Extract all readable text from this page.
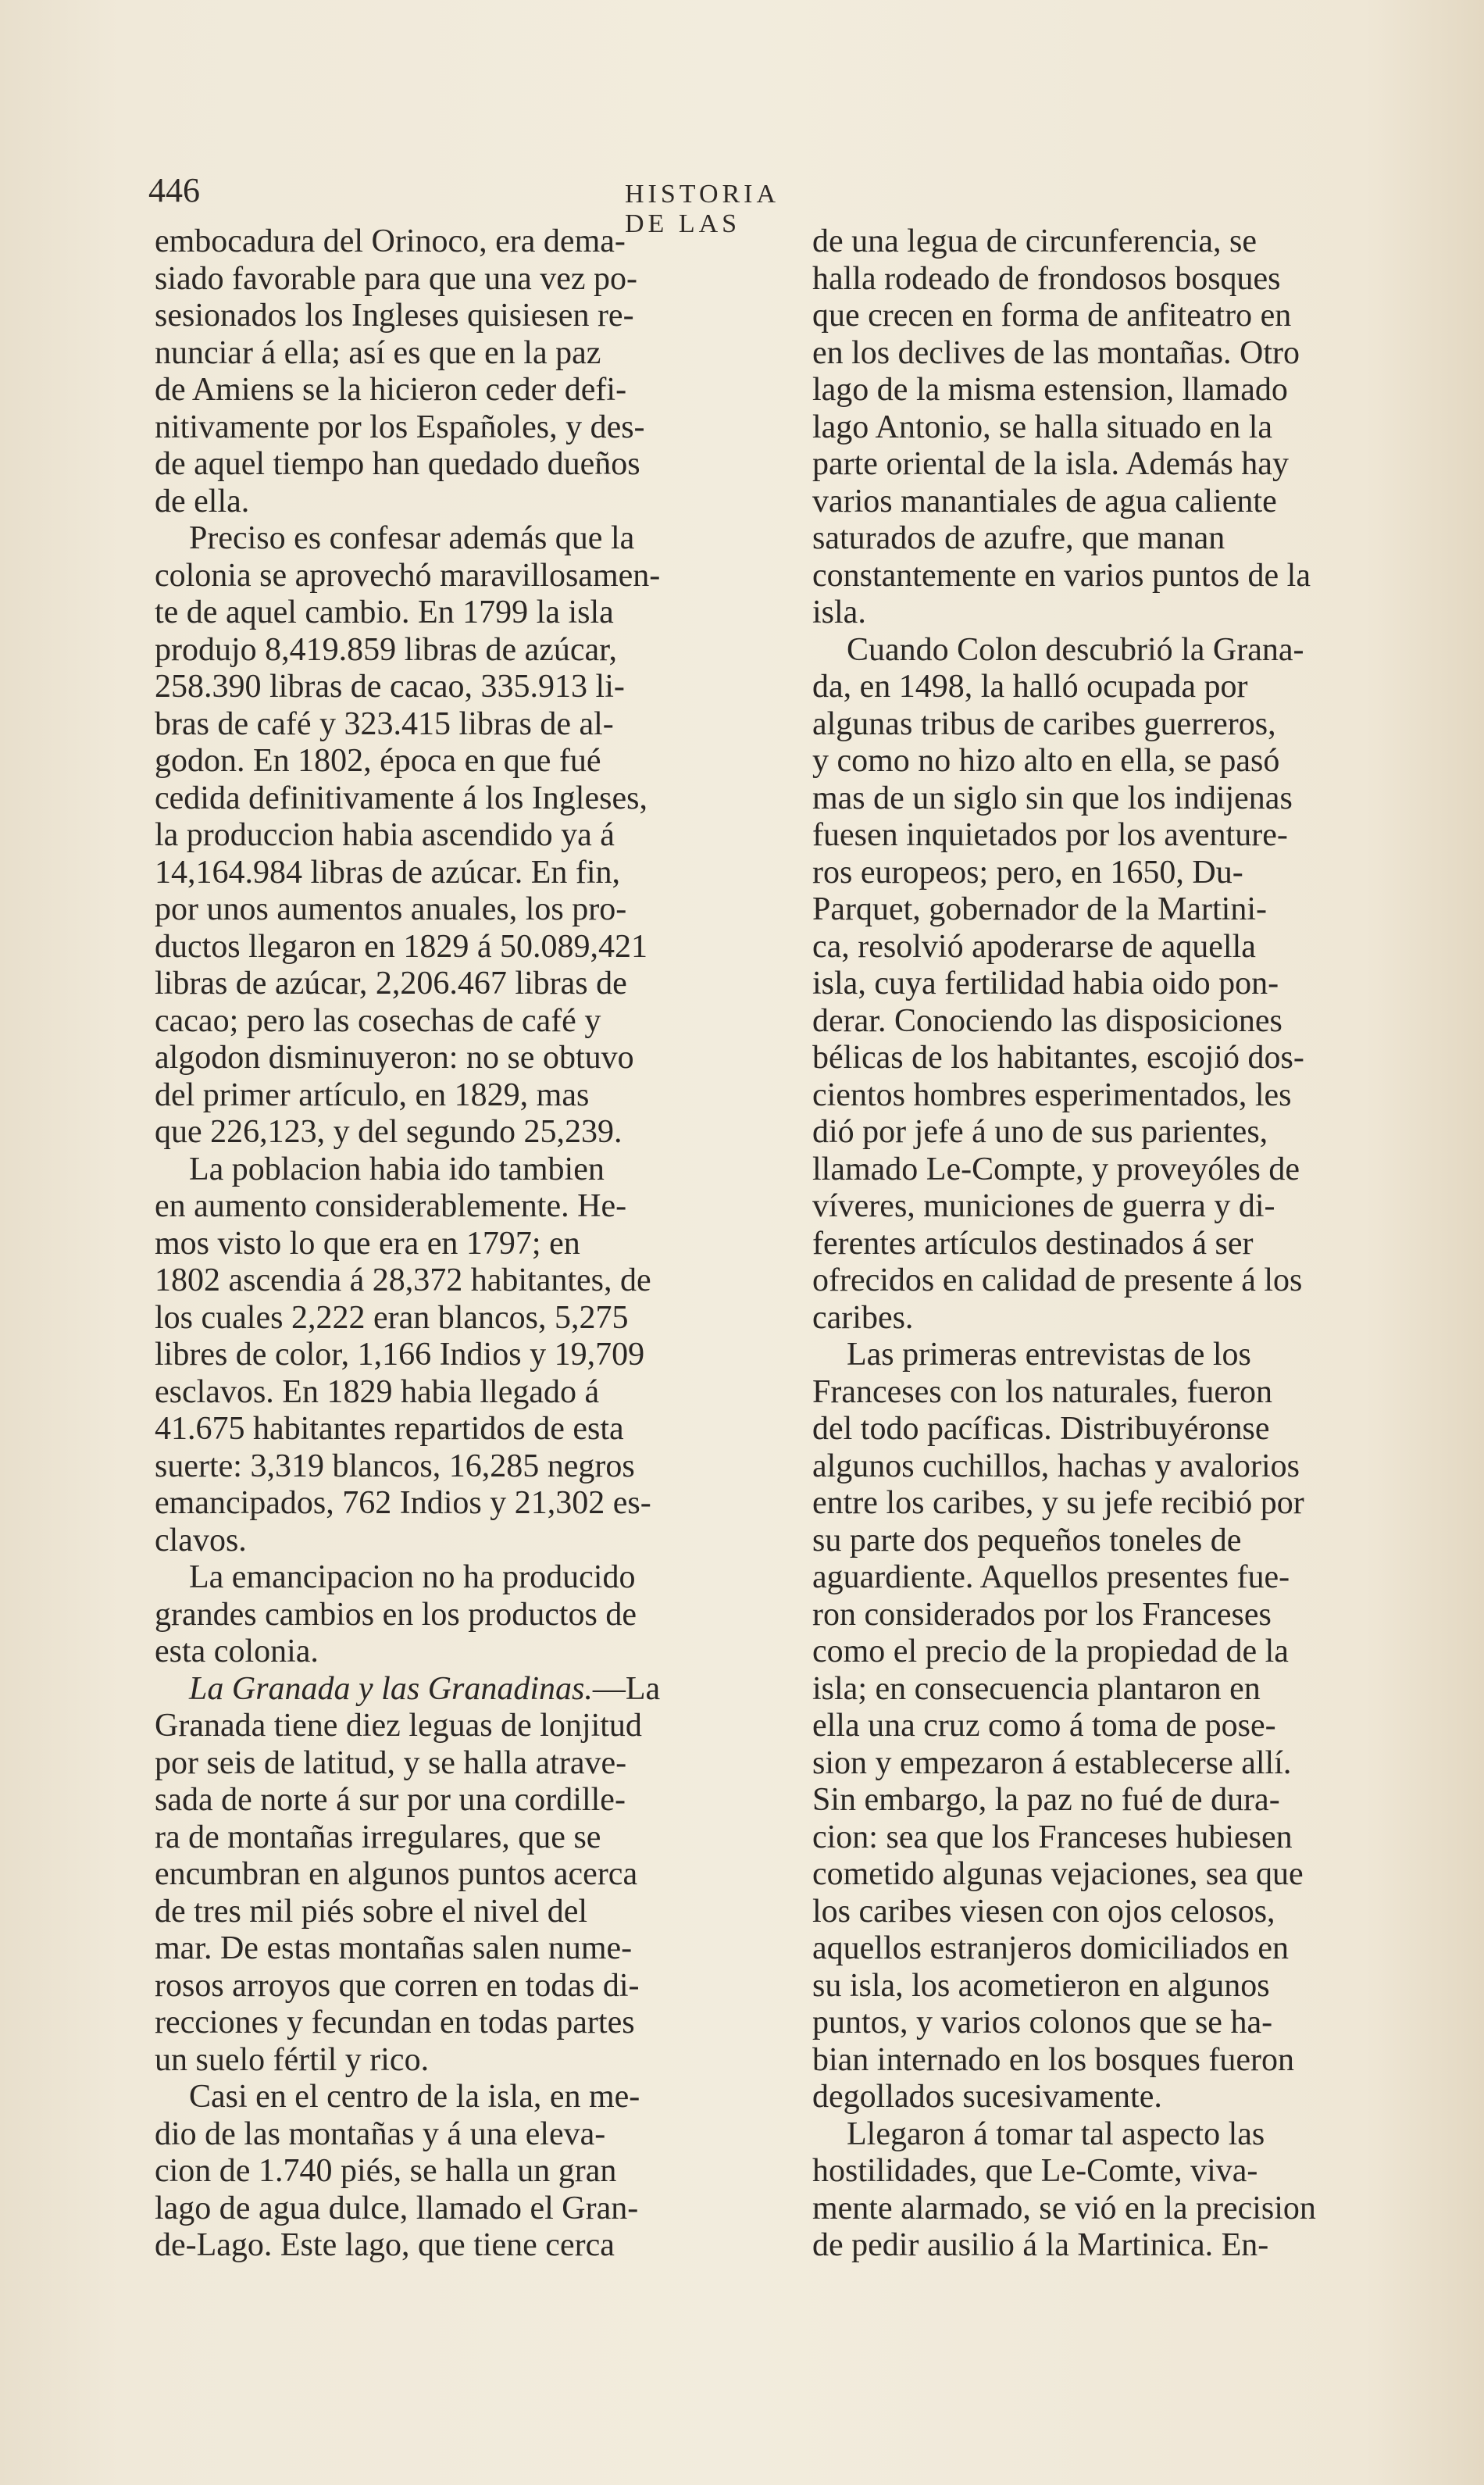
446	HISTORIA DE LAS
embocadura del Orinoco, era dema-
siado favorable para que una vez po-
sesionados los Ingleses quisiesen re-
nunciar á ella; así es que en la paz
de Amiens se la hicieron ceder defi-
nitivamente por los Españoles, y des-
de aquel tiempo han quedado dueños
de ella.
Preciso es confesar además que la
colonia se aprovechó maravillosamen-
te de aquel cambio. En 1799 la isla
produjo 8,419.859 libras de azúcar,
258.390 libras de cacao, 335.913 li-
bras de café y 323.415 libras de al-
godon. En 1802, época en que fué
cedida definitivamente á los Ingleses,
la produccion habia ascendido ya á
14,164.984 libras de azúcar. En fin,
por unos aumentos anuales, los pro-
ductos llegaron en 1829 á 50.089,421
libras de azúcar, 2,206.467 libras de
cacao; pero las cosechas de café y
algodon disminuyeron: no se obtuvo
del primer artículo, en 1829, mas
que 226,123, y del segundo 25,239.
La poblacion habia ido tambien
en aumento considerablemente. He-
mos visto lo que era en 1797; en
1802 ascendia á 28,372 habitantes, de
los cuales 2,222 eran blancos, 5,275
libres de color, 1,166 Indios y 19,709
esclavos. En 1829 habia llegado á
41.675 habitantes repartidos de esta
suerte: 3,319 blancos, 16,285 negros
emancipados, 762 Indios y 21,302 es-
clavos.
La emancipacion no ha producido
grandes cambios en los productos de
esta colonia.
La Granada y las Granadinas.—La
Granada tiene diez leguas de lonjitud
por seis de latitud, y se halla atrave-
sada de norte á sur por una cordille-
ra de montañas irregulares, que se
encumbran en algunos puntos acerca
de tres mil piés sobre el nivel del
mar. De estas montañas salen nume-
rosos arroyos que corren en todas di-
recciones y fecundan en todas partes
un suelo fértil y rico.
Casi en el centro de la isla, en me-
dio de las montañas y á una eleva-
cion de 1.740 piés, se halla un gran
lago de agua dulce, llamado el Gran-
de-Lago. Este lago, que tiene cerca
de una legua de circunferencia, se
halla rodeado de frondosos bosques
que crecen en forma de anfiteatro en
en los declives de las montañas. Otro
lago de la misma estension, llamado
lago Antonio, se halla situado en la
parte oriental de la isla. Además hay
varios manantiales de agua caliente
saturados de azufre, que manan
constantemente en varios puntos de la
isla.
Cuando Colon descubrió la Grana-
da, en 1498, la halló ocupada por
algunas tribus de caribes guerreros,
y como no hizo alto en ella, se pasó
mas de un siglo sin que los indijenas
fuesen inquietados por los aventure-
ros europeos; pero, en 1650, Du-
Parquet, gobernador de la Martini-
ca, resolvió apoderarse de aquella
isla, cuya fertilidad habia oido pon-
derar. Conociendo las disposiciones
bélicas de los habitantes, escojió dos-
cientos hombres esperimentados, les
dió por jefe á uno de sus parientes,
llamado Le-Compte, y proveyóles de
víveres, municiones de guerra y di-
ferentes artículos destinados á ser
ofrecidos en calidad de presente á los
caribes.
Las primeras entrevistas de los
Franceses con los naturales, fueron
del todo pacíficas. Distribuyéronse
algunos cuchillos, hachas y avalorios
entre los caribes, y su jefe recibió por
su parte dos pequeños toneles de
aguardiente. Aquellos presentes fue-
ron considerados por los Franceses
como el precio de la propiedad de la
isla; en consecuencia plantaron en
ella una cruz como á toma de pose-
sion y empezaron á establecerse allí.
Sin embargo, la paz no fué de dura-
cion: sea que los Franceses hubiesen
cometido algunas vejaciones, sea que
los caribes viesen con ojos celosos,
aquellos estranjeros domiciliados en
su isla, los acometieron en algunos
puntos, y varios colonos que se ha-
bian internado en los bosques fueron
degollados sucesivamente.
Llegaron á tomar tal aspecto las
hostilidades, que Le-Comte, viva-
mente alarmado, se vió en la precision
de pedir ausilio á la Martinica. En-
